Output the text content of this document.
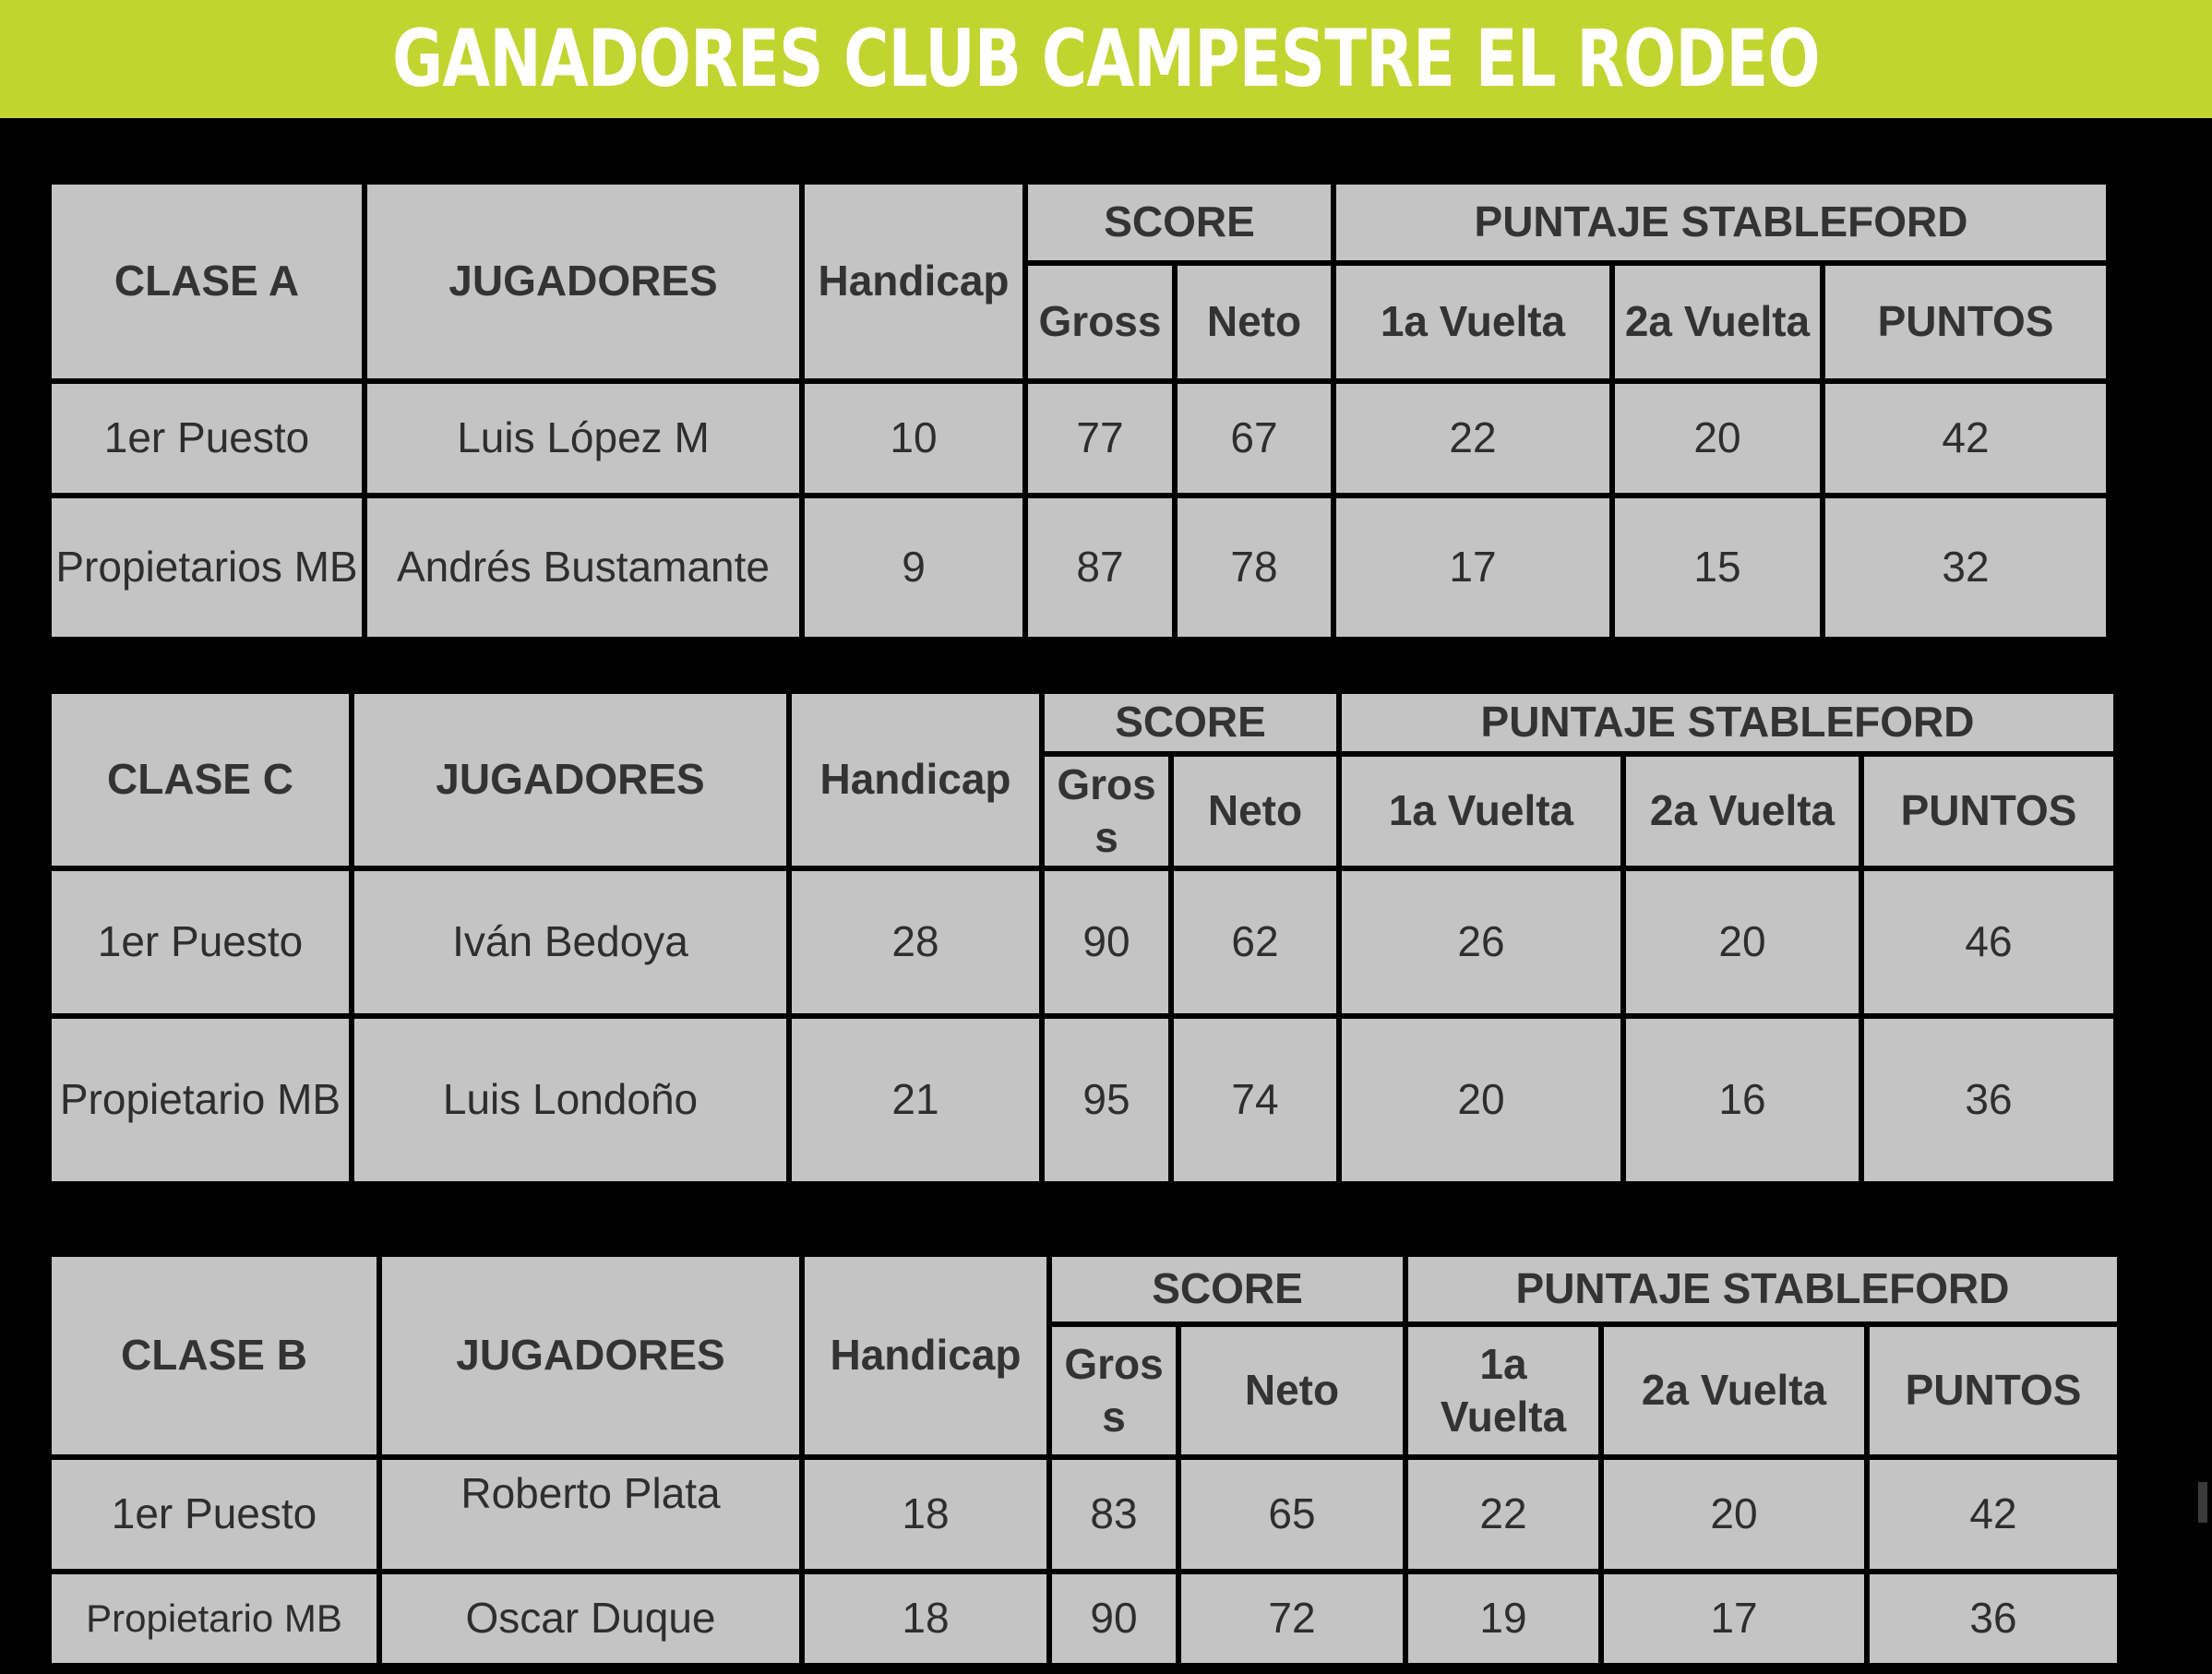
GANADORES CLUB CAMPESTRE EL RODEO
CLASE A	JUGADORES	Handicap	SCORE		PUNTAJE STABLEFORD		
			Gross	Neto	1a Vuelta	2a Vuelta	PUNTOS
1er Puesto	Luis López M	10	77	67	22	20	42
Propietarios MB	Andrés Bustamante	9	87	78	17	15	32
CLASE C	JUGADORES	Handicap	SCORE		PUNTAJE STABLEFORD		
			Gross	Neto	1a Vuelta	2a Vuelta	PUNTOS
1er Puesto	Iván Bedoya	28	90	62	26	20	46
Propietario MB	Luis Londoño	21	95	74	20	16	36
CLASE B	JUGADORES	Handicap	SCORE		PUNTAJE STABLEFORD		
			Gross	Neto	1a Vuelta	2a Vuelta	PUNTOS
1er Puesto	Roberto Plata	18	83	65	22	20	42
Propietario MB	Oscar Duque	18	90	72	19	17	36
